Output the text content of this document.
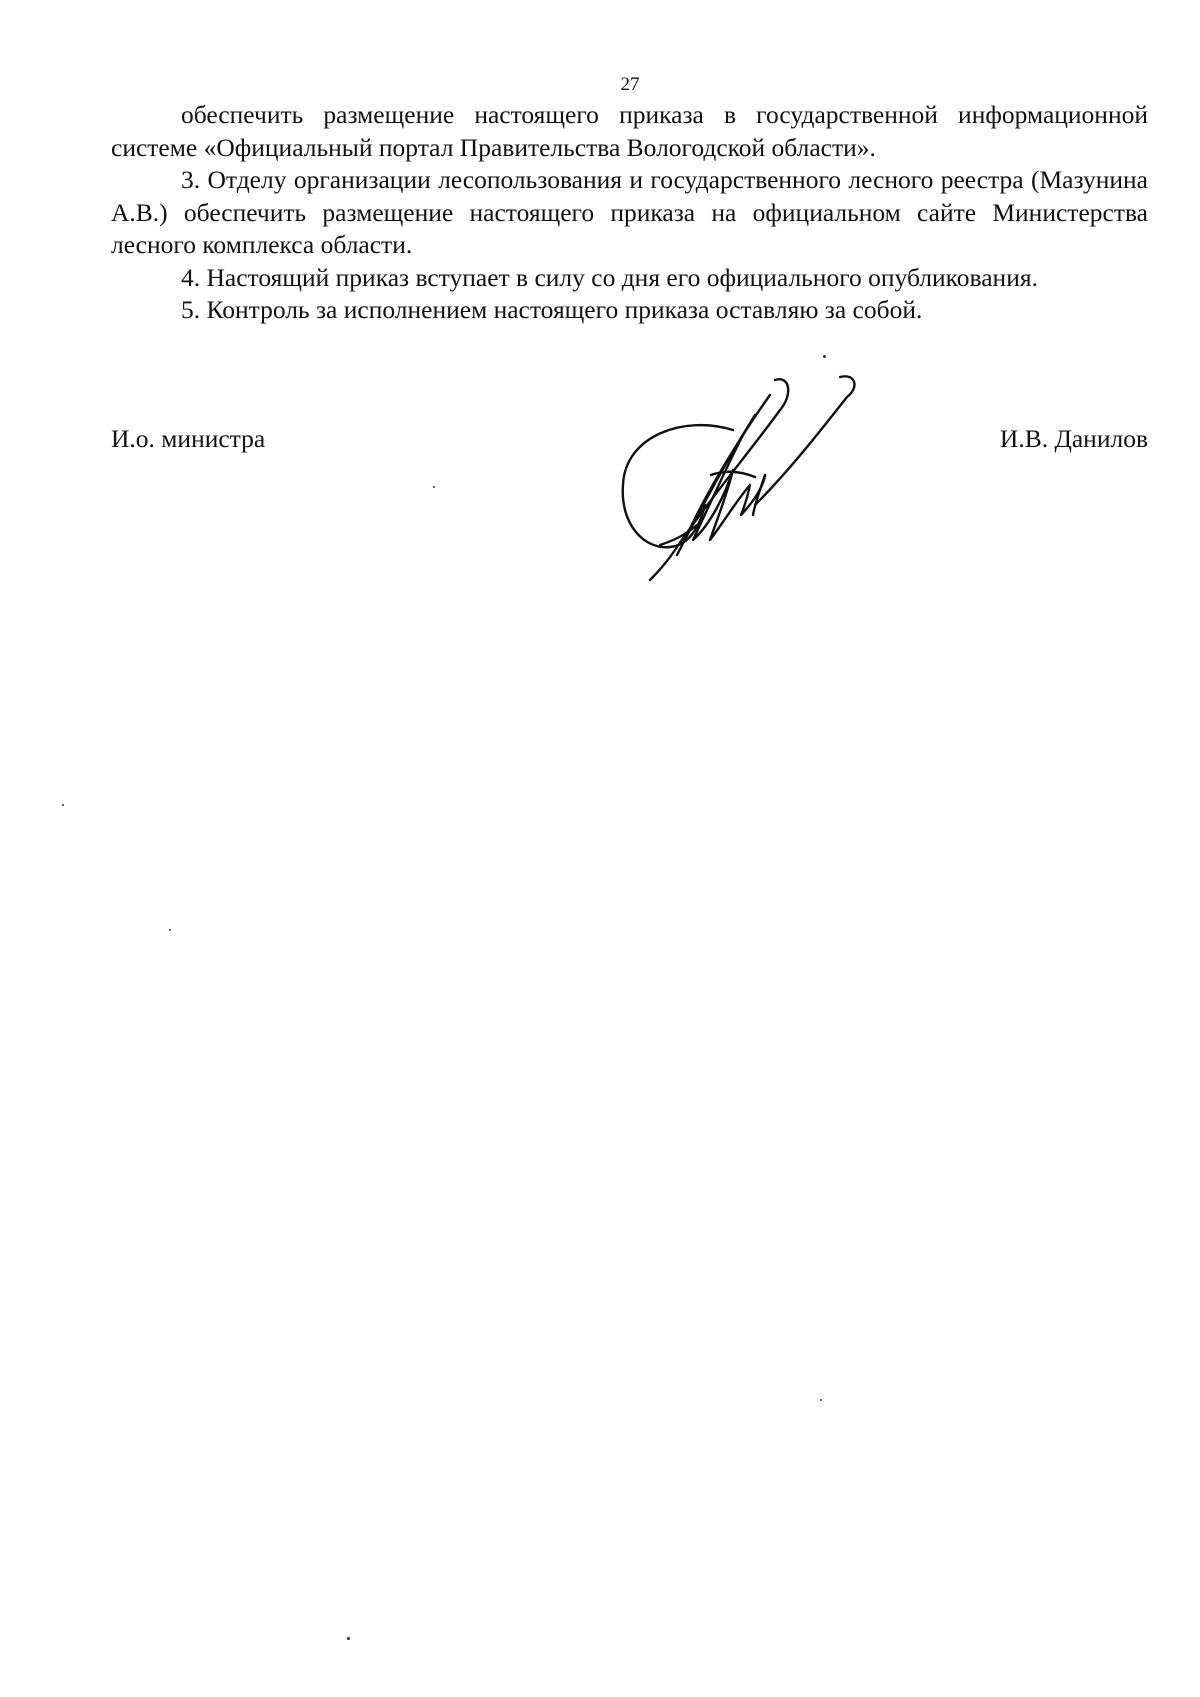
27

обеспечить размещение настоящего приказа в государственной информационной системе «Официальный портал Правительства Вологодской области».

3. Отделу организации лесопользования и государственного лесного реестра (Мазунина А.В.) обеспечить размещение настоящего приказа на официальном сайте Министерства лесного комплекса области.

4. Настоящий приказ вступает в силу со дня его официального опубликования.

5. Контроль за исполнением настоящего приказа оставляю за собой.

И.о. министра	И.В. Данилов
